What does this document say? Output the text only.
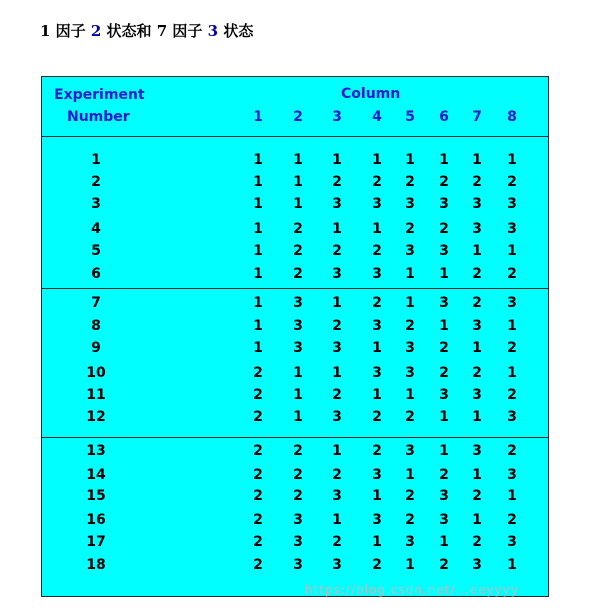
1 因子 2 状态和 7 因子 3 状态
Experiment
Number
Column
1 2 3 4 5 6 7 8
1	1 1 1 1 1 1 1 1
2	1 1 2 2 2 2 2 2
3	1 1 3 3 3 3 3 3
4	1 2 1 1 2 2 3 3
5	1 2 2 2 3 3 1 1
6	1 2 3 3 1 1 2 2
7	1 3 1 2 1 3 2 3
8	1 3 2 3 2 1 3 1
9	1 3 3 1 3 2 1 2
10	2 1 1 3 3 2 2 1
11	2 1 2 1 1 3 3 2
12	2 1 3 2 2 1 1 3
13	2 2 1 2 3 1 3 2
14	2 2 2 3 1 2 1 3
15	2 2 3 1 2 3 2 1
16	2 3 1 3 2 3 1 2
17	2 3 2 1 3 1 2 3
18	2 3 3 2 1 2 3 1
https://blog.csdn.net/...eeyyyy
